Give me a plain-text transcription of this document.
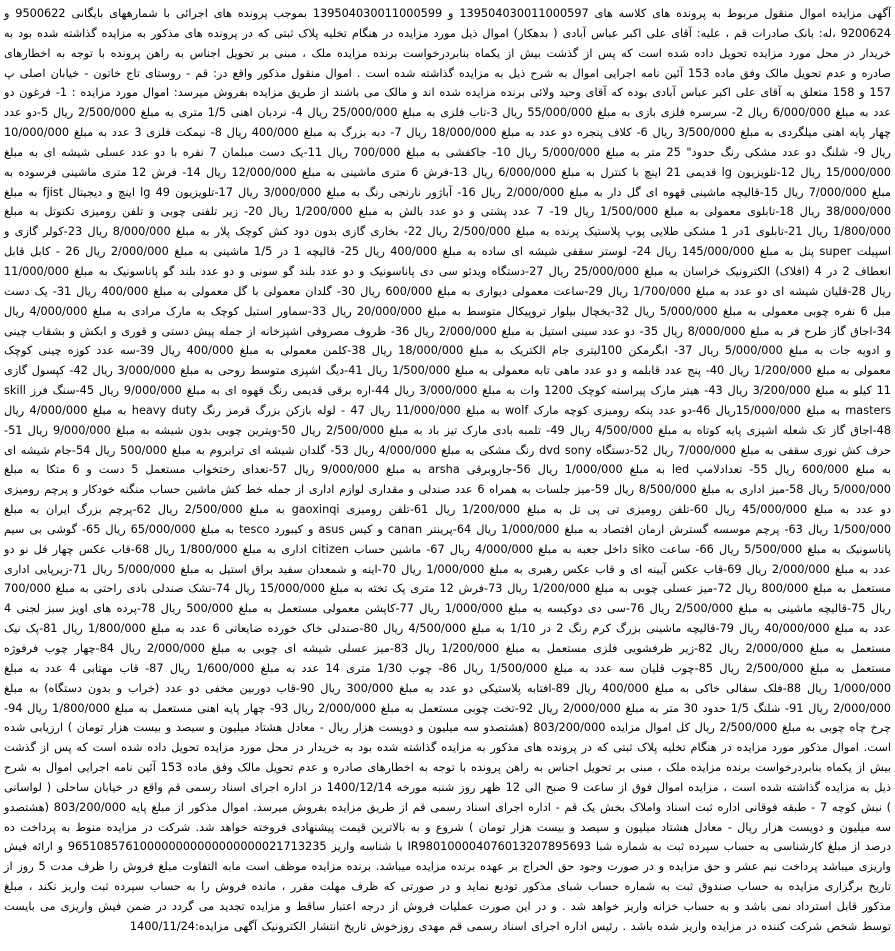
آگهی مزایده اموال منقول مربوط به پرونده های کلاسه های 139504030011000597 و 139504030011000599 بموجب پرونده های اجرائی با شمارههای بایگانی 9500622 و 9200624 ،له: بانک صادرات قم ، علیه: آقای علی اکبر عباس آبادی ( بدهکار) اموال ذیل مورد مزایده در هنگام تخلیه پلاک ثبتی که در پرونده های مذکور به مزایده گذاشته شده بود به خریدار در محل مورد مزایده تحویل داده شده است که پس از گذشت بیش از یکماه بنابردرخواست برنده مزایده ملک ، مبنی بر تحویل اجناس به راهن پرونده با توجه به اخطارهای صادره و عدم تحویل مالک وفق ماده 153 آئین نامه اجرایی اموال به شرح ذیل به مزایده گذاشته شده است . اموال منقول مذکور واقع در: قم - روستای تاج خاتون - خیابان اصلی پ 157 و 158 متعلق به آقای علی اکبر عباس آبادی بوده که آقای وحید ولائی برنده مزایده شده اند و مالک می باشند از طریق مزایده بفروش میرسد: اموال مورد مزایده : 1- فرغون دو عدد به مبلغ 6/000/000 ریال 2- سرسره فلزی بازی به مبلغ 55/000/000 ریال 3-تاب فلزی به مبلغ 25/000/000 ریال 4- نردبان اهنی 1/5 متری به مبلغ 2/500/000 ریال 5-دو عدد چهار پایه اهنی میلگردی به مبلغ 3/500/000 ریال 6- کلاف پنجره دو عدد به مبلغ 18/000/000 ریال 7- دبه بزرگ به مبلغ 400/000 ریال 8- نیمکت فلزی 3 عدد به مبلغ 10/000/000 ریال 9- شلنگ دو عدد مشکی رنگ حدود" 25 متر به مبلغ 5/000/000 ریال 10- جاکفشی به مبلغ 700/000 ریال 11-یک دست مبلمان 7 نفره با دو عدد عسلی شیشه ای به مبلغ 15/000/000 ریال 12-تلویزیون lg قدیمی 21 اینچ با کنترل به مبلغ 6/000/000 ریال 13-فرش 6 متری ماشینی به مبلغ 12/000/000 ریال 14- فرش 12 متری ماشینی فرسوده به مبلغ 7/000/000 ریال 15-قالیچه ماشینی قهوه ای گل دار به مبلغ 2/000/000 ریال 16- آباژور نارنجی رنگ به مبلغ 3/000/000 ریال 17-تلویزیون lg 49 اینچ و دیجیتال fjist به مبلغ 38/000/000 ریال 18-تابلوی معمولی به مبلغ 1/500/000 ریال 19- 7 عدد پشتی و دو عدد بالش به مبلغ 1/200/000 ریال 20- زیر تلفنی چوبی و تلفن رومیزی تکنوتل به مبلغ 1/800/000 ریال 21-تابلوی 1در 1 مشکی طلایی پوپ پلاستیک پرنده به مبلغ 2/500/000 ریال 22- بخاری گازی بدون دود کش کوچک پلار به مبلغ 8/000/000 ریال 23-کولر گازی و اسپیلت super پنل به مبلغ 145/000/000 ریال 24- لوستر سقفی شیشه ای ساده به مبلغ 400/000 ریال 25- قالیچه 1 در 1/5 ماشینی به مبلغ 2/000/000 ریال 26 - کابل قابل انعطاف 2 در 4 (افلاک) الکترونیک خراسان به مبلغ 25/000/000 ریال 27-دستگاه ویدئو سی دی پاناسونیک و دو عدد بلند گو سونی و دو عدد بلند گو پاناسونیک به مبلغ 11/000/000 ریال 28-قلیان شیشه ای دو عدد به مبلغ 1/700/000 ریال 29-ساعت معمولی دیواری به مبلغ 600/000 ریال 30- گلدان معمولی با گل معمولی به مبلغ 400/000 ریال 31- یک دست مبل 6 نفره چوبی معمولی به مبلغ 5/000/000 ریال 32-یخچال بیلوار تروپیکال متوسط به مبلغ 20/000/000 ریال 33-سماور استیل کوچک به مارک مرادی به مبلغ 4/000/000 ریال 34-اجاق گاز طرح فر به مبلغ 8/000/000 ریال 35- دو عدد سینی استیل به مبلغ 2/000/000 ریال 36- ظروف مصروفی اشپزخانه از جمله پیش دستی و قوری و ابکش و بشقاب چینی و ادویه جات به مبلغ 5/000/000 ریال 37- ابگرمکن 100لیتری جام الکتریک به مبلغ 18/000/000 ریال 38-کلمن معمولی به مبلغ 400/000 ریال 39-سه عدد کوزه چینی کوچک معمولی به مبلغ 1/200/000 ریال 40- پنج عدد قابلمه و دو عدد ماهی تابه معمولی به مبلغ 1/500/000 ریال 41-دیگ اشپزی متوسط روحی به مبلغ 3/000/000 ریال 42- کپسول گازی 11 کیلو به مبلغ 3/200/000 ریال 43- هیتر مارک پیراسته کوچک 1200 وات به مبلغ 3/000/000 ریال 44-اره برقی قدیمی رنگ قهوه ای به مبلغ 9/000/000 ریال 45-سنگ فرز skill masters به مبلغ 15/000/000ریال 46-دو عدد پنکه رومیزی کوچه مارک wolf به مبلغ 11/000/000 ریال 47 - لوله بازکن بزرگ قرمز رنگ heavy duty به مبلغ 4/000/000 ریال 48-اجاق گاز تک شعله اشپزی پایه کوتاه به مبلغ 4/500/000 ریال 49- تلمبه بادی مارک تیز باد به مبلغ 2/500/000 ریال 50-ویترین چوبی بدون شیشه به مبلغ 9/000/000 ریال 51-حرف کش نوری سقفی به مبلغ 7/000/000 ریال 52-دستگاه dvd sony رنگ مشکی به مبلغ 4/000/000 ریال 53- گلدان شیشه ای ترابروم به مبلغ 500/000 ریال 54-جام شیشه ای به مبلغ 600/000 ریال 55- تعدادلامپ led به مبلغ 1/000/000 ریال 56-جاروبرقی arsha به مبلغ 9/000/000 ریال 57-تعدای رختخواب مستعمل 5 دست و 6 متکا به مبلغ 5/000/000 ریال 58-میز اداری به مبلغ 8/500/000 ریال 59-میز جلسات به همراه 6 عدد صندلی و مقداری لوازم اداری از جمله خط کش ماشین حساب منگنه خودکار و پرچم رومیزی دو عدد به مبلغ 45/000/000 ریال 60-تلفن رومیزی تی پی تل به مبلغ 1/200/000 ریال 61-تلفن رومیزی gaoxinqi به مبلغ 2/500/000 ریال 62-پرچم بزرگ ایران به مبلغ 1/500/000 ریال 63- پرچم موسسه گسترش ارمان اقتصاد به مبلغ 1/000/000 ریال 64-پرینتر canan و کیس asus و کیبورد tesco به مبلغ 65/000/000 ریال 65- گوشی بی سیم پاناسونیک به مبلغ 5/500/000 ریال 66- ساعت siko داخل جعبه به مبلغ 4/000/000 ریال 67- ماشین حساب citizen اداری به مبلغ 1/800/000 ریال 68-قاب عکس چهار قل نو دو عدد به مبلغ 2/000/000 ریال 69-قاب عکس آیینه ای و قاب عکس رهبری به مبلغ 1/000/000 ریال 70-اینه و شمعدان سفید براق استیل به مبلغ 5/000/000 ریال 71-زیرپایی اداری مستعمل به مبلغ 800/000 ریال 72-میز عسلی چوبی به مبلغ 1/200/000 ریال 73-فرش 12 متری پک تخته به مبلغ 15/000/000 ریال 74-تشک صندلی بادی راحتی به مبلغ 700/000 ریال 75-قالیچه ماشینی به مبلغ 2/500/000 ریال 76-سی دی دوکیسه به مبلغ 1/000/000 ریال 77-کاپشن معمولی مستعمل به مبلغ 500/000 ریال 78-پرده های اویز سبز لجنی 4 عدد به مبلغ 40/000/000 ریال 79-قالیچه ماشینی بزرگ کرم رنگ 2 در 1/10 به مبلغ 4/500/000 ریال 80-صندلی خاک خورده ضایعاتی 6 عدد به مبلغ 1/800/000 ریال 81-پک نیک مستعمل به مبلغ 2/000/000 ریال 82-زیر ظرفشویی فلزی مستعمل به مبلغ 1/200/000 ریال 83-میز عسلی شیشه ای چوبی به مبلغ 2/000/000 ریال 84-چهار چوب فرفوژه مستعمل به مبلغ 2/500/000 ریال 85-چوب قلیان سه عدد به مبلغ 1/500/000 ریال 86- چوب 1/30 متری 14 عدد به مبلغ 1/600/000 ریال 87- قاب مهتابی 4 عدد به مبلغ 1/000/000 ریال 88-فلک سفالی خاکی به مبلغ 400/000 ریال 89-افتابه پلاستیکی دو عدد به مبلغ 300/000 ریال 90-قاب دوربین مخفی دو عدد (خراب و بدون دستگاه) به مبلغ 2/000/000 ریال 91- شلنگ 1/5 حدود 30 متر به مبلغ 2/000/000 ریال 92-تخت چوبی مستعمل به مبلغ 2/000/000 ریال 93- چهار پایه اهنی مستعمل به مبلغ 1/800/000 ریال 94-چرخ چاه چوبی به مبلغ 2/500/000 ریال کل اموال مزایده 803/200/000 (هشتصدو سه میلیون و دویست هزار ریال - معادل هشتاد میلیون و سیصد و بیست هزار تومان ) ارزیابی شده است. اموال مذکور مورد مزایده در هنگام تخلیه پلاک ثبتی که در پرونده های مذکور به مزایده گذاشته شده بود به خریدار در محل مورد مزایده تحویل داده شده است که پس از گذشت بیش از یکماه بنابردرخواست برنده مزایده ملک ، مبنی بر تحویل اجناس به راهن پرونده با توجه به اخطارهای صادره و عدم تحویل مالک وفق ماده 153 آئین نامه اجرایی اموال به شرح ذیل به مزایده گذاشته شده است ، مزایده اموال فوق از ساعت 9 صبح الی 12 ظهر روز شنبه مورخه 1400/12/14 در اداره اجرای اسناد رسمی قم واقع در خیابان ساحلی ( لواسانی ) نبش کوچه 7 - طبقه فوقانی اداره ثبت اسناد واملاک بخش یک قم - اداره اجرای اسناد رسمی قم از طریق مزایده بفروش میرسد. اموال مذکور از مبلغ پایه 803/200/000 (هشتصدو سه میلیون و دویست هزار ریال - معادل هشتاد میلیون و سیصد و بیست هزار تومان ) شروع و به بالاترین قیمت پیشنهادی فروخته خواهد شد. شرکت در مزایده منوط به پرداخت ده درصد از مبلغ کارشناسی به حساب سپرده ثبت به شماره شبا IR980100004076013207895693 با شناسه واریز 965108576100000000000000000021713235 و ارائه فیش واریزی میباشد پرداخت نیم عشر و حق مزایده و در صورت وجود حق الحراج بر عهده برنده مزایده میباشد. برنده مزایده موظف است مابه التفاوت مبلغ فروش را ظرف مدت 5 روز از تاریخ برگزاری مزایده به حساب صندوق ثبت به شماره حساب شبای مذکور تودیع نماید و در صورتی که ظرف مهلت مقرر ، مانده فروش را به حساب سپرده ثبت واریز نکند ، مبلغ مذکور قابل استرداد نمی باشد و به حساب خزانه واریز خواهد شد . و در این صورت عملیات فروش از درجه اعتبار ساقط و مزایده تجدید می گردد در ضمن فیش واریزی می بایست توسط شخص شرکت کننده در مزایده واریز شده باشد . رئیس اداره اجرای اسناد رسمی قم مهدی روزخوش تاریخ انتشار الکترونیک آگهی مزایده:1400/11/24
